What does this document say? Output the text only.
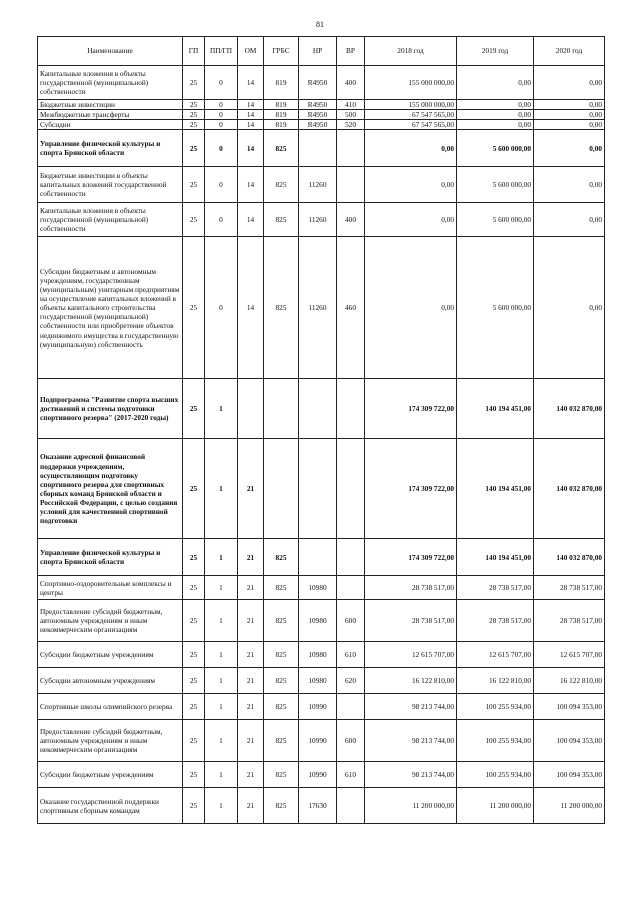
81
Наименование	ГП	ПП/ГП	ОМ	ГРБС	НР	ВР	2018 год	2019 год	2020 год
Капитальные вложения в объекты государственной (муниципальной) собственности	25	0	14	819	R4950	400	155 000 000,00	0,00	0,00
Бюджетные инвестиции	25	0	14	819	R4950	410	155 000 000,00	0,00	0,00
Межбюджетные трансферты	25	0	14	819	R4950	500	67 547 565,00	0,00	0,00
Субсидии	25	0	14	819	R4950	520	67 547 565,00	0,00	0,00
Управление физической культуры и спорта Брянской области	25	0	14	825			0,00	5 600 000,00	0,00
Бюджетные инвестиции в объекты капитальных вложений государственной собственности	25	0	14	825	11260		0,00	5 600 000,00	0,00
Капитальные вложения в объекты государственной (муниципальной) собственности	25	0	14	825	11260	400	0,00	5 600 000,00	0,00
Субсидии бюджетным и автономным учреждениям, государственным (муниципальным) унитарным предприятиям на осуществление капитальных вложений в объекты капитального строительства государственной (муниципальной) собственности или приобретение объектов недвижимого имущества в государственную (муниципальную) собственность	25	0	14	825	11260	460	0,00	5 600 000,00	0,00
Подпрограмма "Развитие спорта высших достижений и системы подготовки спортивного резерва" (2017-2020 годы)	25	1					174 309 722,00	140 194 451,00	140 032 870,00
Оказание адресной финансовой поддержки учреждениям, осуществляющим подготовку спортивного резерва для спортивных сборных команд Брянской области и Российской Федерации, с целью создания условий для качественной спортивной подготовки	25	1	21				174 309 722,00	140 194 451,00	140 032 870,00
Управление физической культуры и спорта Брянской области	25	1	21	825			174 309 722,00	140 194 451,00	140 032 870,00
Спортивно-оздоровительные комплексы и центры	25	1	21	825	10980		28 738 517,00	28 738 517,00	28 738 517,00
Предоставление субсидий бюджетным, автономным учреждениям и иным некоммерческим организациям	25	1	21	825	10980	600	28 738 517,00	28 738 517,00	28 738 517,00
Субсидии бюджетным учреждениям	25	1	21	825	10980	610	12 615 707,00	12 615 707,00	12 615 707,00
Субсидии автономным учреждениям	25	1	21	825	10980	620	16 122 810,00	16 122 810,00	16 122 810,00
Спортивные школы олимпийского резерва	25	1	21	825	10990		98 213 744,00	100 255 934,00	100 094 353,00
Предоставление субсидий бюджетным, автономным учреждениям и иным некоммерческим организациям	25	1	21	825	10990	600	98 213 744,00	100 255 934,00	100 094 353,00
Субсидии бюджетным учреждениям	25	1	21	825	10990	610	98 213 744,00	100 255 934,00	100 094 353,00
Оказание государственной поддержки спортивным сборным командам	25	1	21	825	17630		11 200 000,00	11 200 000,00	11 200 000,00
